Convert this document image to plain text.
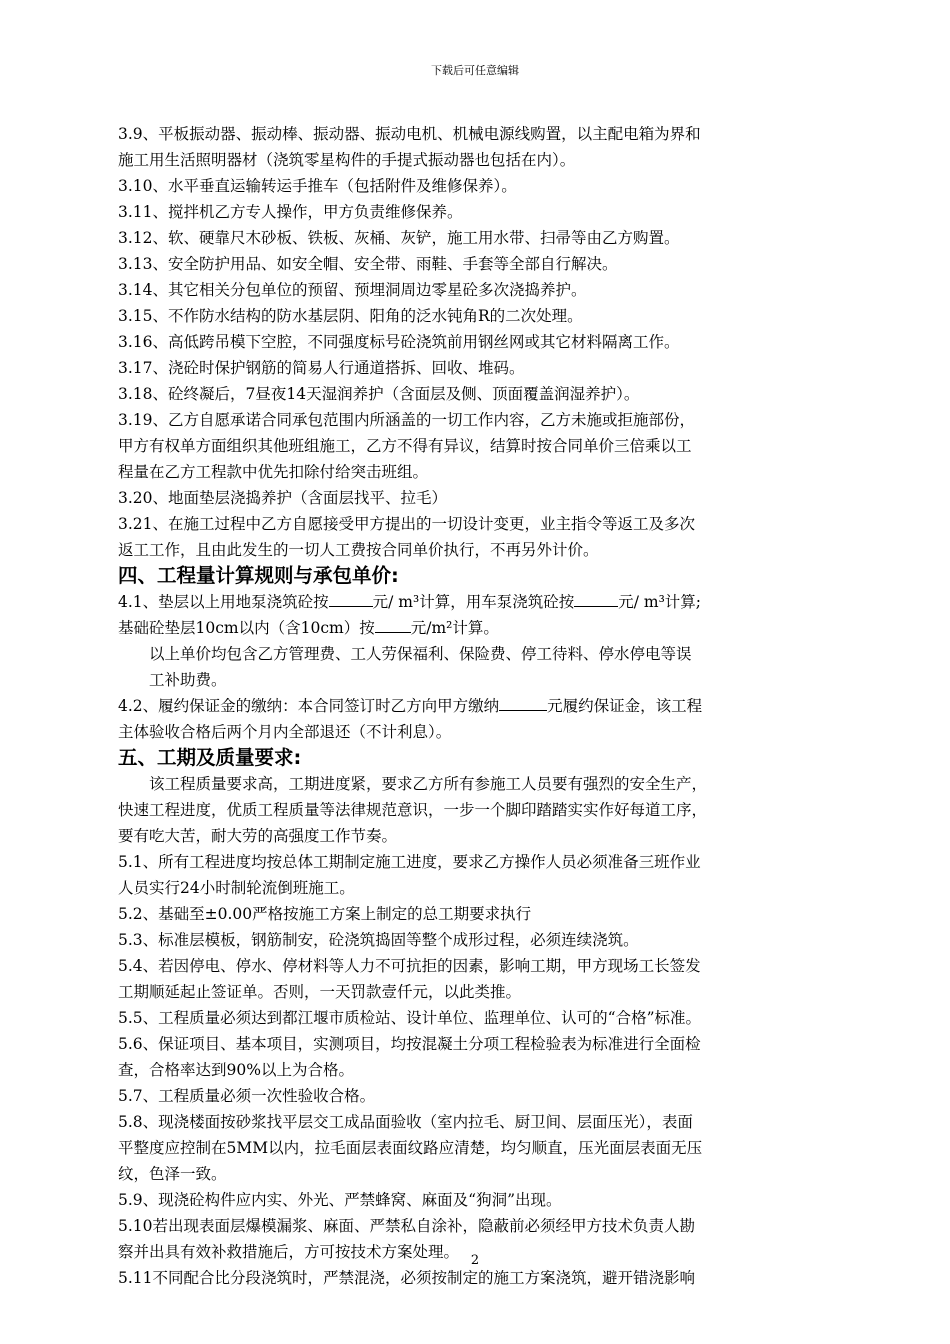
下载后可任意编辑

3.9、平板振动器、振动棒、振动器、振动电机、机械电源线购置，以主配电箱为界和

施工用生活照明器材（浇筑零星构件的手提式振动器也包括在内）。

3.10、水平垂直运输转运手推车（包括附件及维修保养）。

3.11、搅拌机乙方专人操作，甲方负责维修保养。

3.12、软、硬靠尺木砂板、铁板、灰桶、灰铲，施工用水带、扫帚等由乙方购置。

3.13、安全防护用品、如安全帽、安全带、雨鞋、手套等全部自行解决。

3.14、其它相关分包单位的预留、预埋洞周边零星砼多次浇捣养护。

3.15、不作防水结构的防水基层阴、阳角的泛水钝角R的二次处理。

3.16、高低跨吊模下空腔，不同强度标号砼浇筑前用钢丝网或其它材料隔离工作。

3.17、浇砼时保护钢筋的简易人行通道搭拆、回收、堆码。

3.18、砼终凝后，7昼夜14天湿润养护（含面层及侧、顶面覆盖润湿养护）。

3.19、乙方自愿承诺合同承包范围内所涵盖的一切工作内容，乙方未施或拒施部份，

甲方有权单方面组织其他班组施工，乙方不得有异议，结算时按合同单价三倍乘以工

程量在乙方工程款中优先扣除付给突击班组。

3.20、地面垫层浇捣养护（含面层找平、拉毛）

3.21、在施工过程中乙方自愿接受甲方提出的一切设计变更，业主指令等返工及多次

返工工作，且由此发生的一切人工费按合同单价执行，不再另外计价。

四、工程量计算规则与承包单价:

4.1、垫层以上用地泵浇筑砼按	元/ m³计算，用车泵浇筑砼按	元/ m³计算;

基础砼垫层10cm以内（含10cm）按 元/m²计算。

以上单价均包含乙方管理费、工人劳保福利、保险费、停工待料、停水停电等误

工补助费。

4.2、履约保证金的缴纳：本合同签订时乙方向甲方缴纳	元履约保证金，该工程

主体验收合格后两个月内全部退还（不计利息）。

五、工期及质量要求:

该工程质量要求高，工期进度紧，要求乙方所有参施工人员要有强烈的安全生产，

快速工程进度，优质工程质量等法律规范意识，一步一个脚印踏踏实实作好每道工序，

要有吃大苦，耐大劳的高强度工作节奏。

5.1、所有工程进度均按总体工期制定施工进度，要求乙方操作人员必须准备三班作业

人员实行24小时制轮流倒班施工。

5.2、基础至±0.00严格按施工方案上制定的总工期要求执行

5.3、标准层模板，钢筋制安，砼浇筑捣固等整个成形过程，必须连续浇筑。

5.4、若因停电、停水、停材料等人力不可抗拒的因素，影响工期，甲方现场工长签发

工期顺延起止签证单。否则，一天罚款壹仟元，以此类推。

5.5、工程质量必须达到都江堰市质检站、设计单位、监理单位、认可的“合格”标准。

5.6、保证项目、基本项目，实测项目，均按混凝土分项工程检验表为标准进行全面检

查，合格率达到90%以上为合格。

5.7、工程质量必须一次性验收合格。

5.8、现浇楼面按砂浆找平层交工成品面验收（室内拉毛、厨卫间、层面压光），表面

平整度应控制在5MM以内，拉毛面层表面纹路应清楚，均匀顺直，压光面层表面无压

纹，色泽一致。

5.9、现浇砼构件应内实、外光、严禁蜂窝、麻面及“狗洞”出现。

5.10若出现表面层爆模漏浆、麻面、严禁私自涂补，隐蔽前必须经甲方技术负责人勘

察并出具有效补救措施后，方可按技术方案处理。

5.11不同配合比分段浇筑时，严禁混浇，必须按制定的施工方案浇筑，避开错浇影响

2
